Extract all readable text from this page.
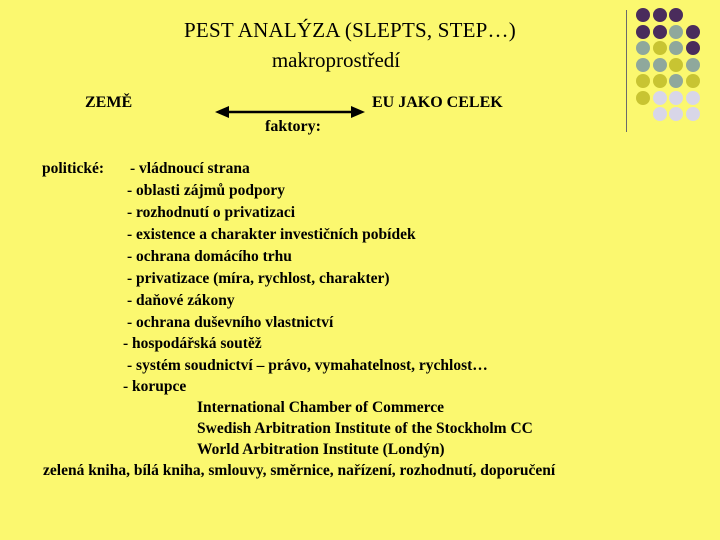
PEST ANALÝZA (SLEPTS, STEP…)
makroprostředí
ZEMĚ	EU JAKO CELEK
faktory:
politické: - vládnoucí strana
- oblasti zájmů podpory
- rozhodnutí o privatizaci
- existence a charakter investičních pobídek
- ochrana domácího trhu
- privatizace (míra, rychlost, charakter)
- daňové zákony
- ochrana duševního vlastnictví
- hospodářská soutěž
- systém soudnictví – právo, vymahatelnost, rychlost…
- korupce
International Chamber of Commerce
Swedish Arbitration Institute of the Stockholm CC
World Arbitration Institute (Londýn)
zelená kniha, bílá kniha, smlouvy, směrnice, nařízení, rozhodnutí, doporučení
